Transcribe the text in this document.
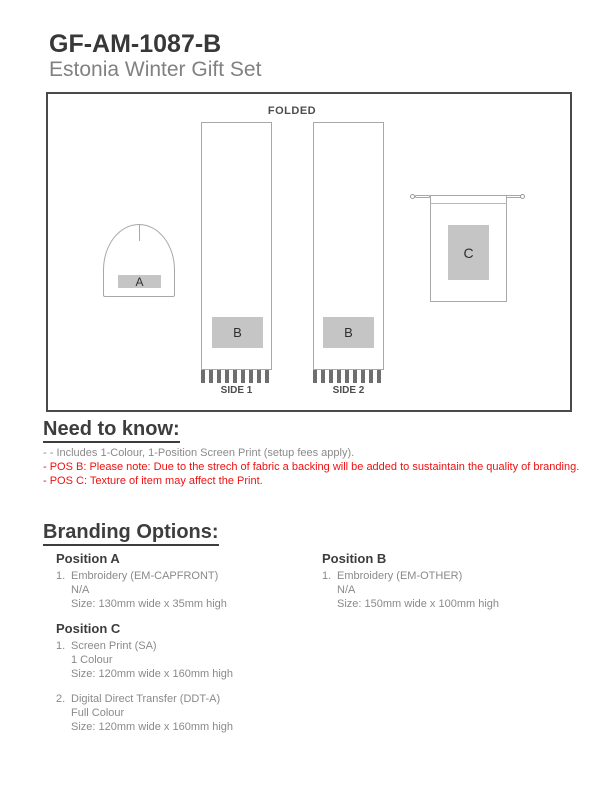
GF-AM-1087-B
Estonia Winter Gift Set
FOLDED
A
B
SIDE 1
B
SIDE 2
C
Need to know:
- - Includes 1-Colour, 1-Position Screen Print (setup fees apply).
- POS B: Please note: Due to the strech of fabric a backing will be added to sustaintain the quality of branding.
- POS C: Texture of item may affect the Print.
Branding Options:
Position A
1. Embroidery (EM-CAPFRONT)
N/A
Size: 130mm wide x 35mm high
Position B
1. Embroidery (EM-OTHER)
N/A
Size: 150mm wide x 100mm high
Position C
1. Screen Print (SA)
1 Colour
Size: 120mm wide x 160mm high
2. Digital Direct Transfer (DDT-A)
Full Colour
Size: 120mm wide x 160mm high
